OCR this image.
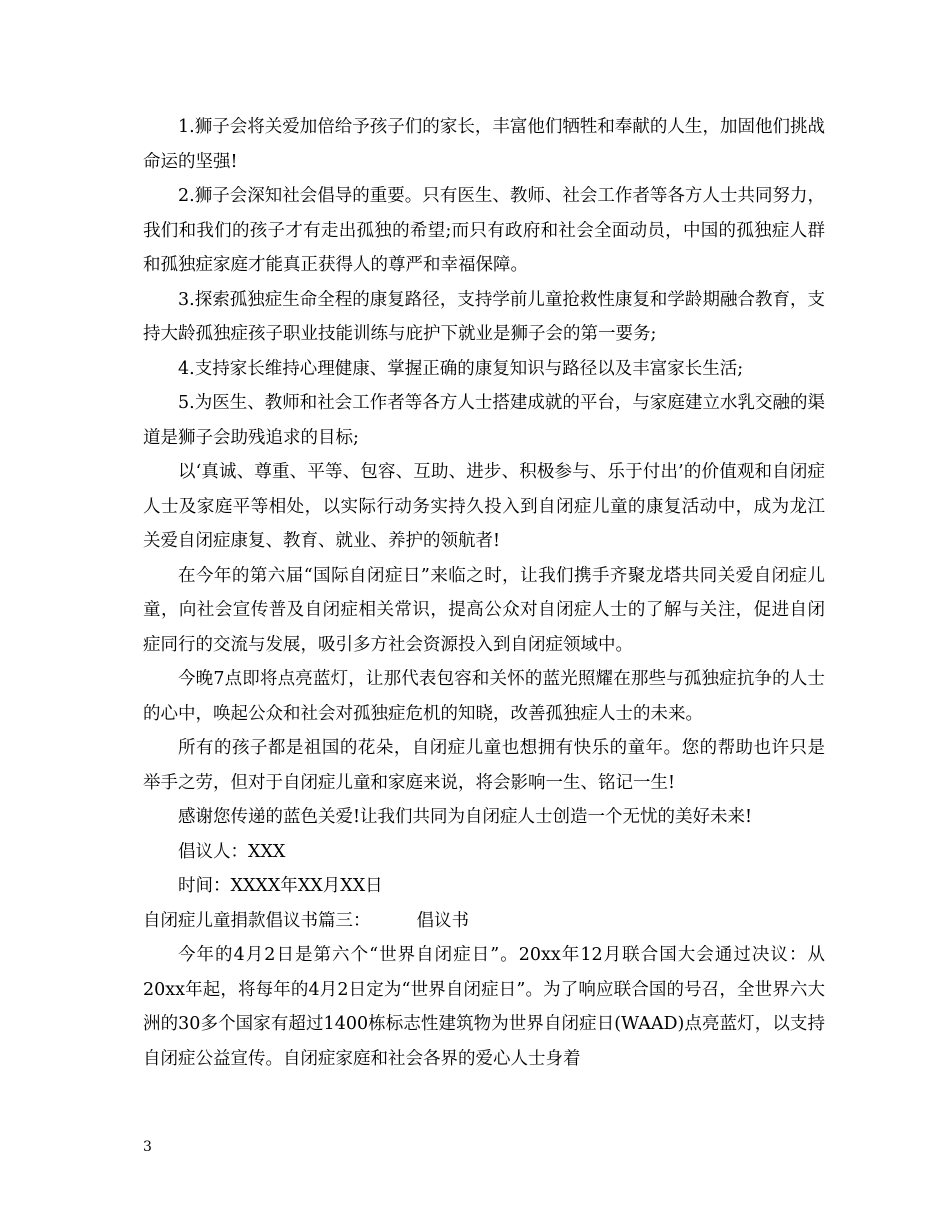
1.狮子会将关爱加倍给予孩子们的家长，丰富他们牺牲和奉献的人生，加固他们挑战命运的坚强!

2.狮子会深知社会倡导的重要。只有医生、教师、社会工作者等各方人士共同努力，我们和我们的孩子才有走出孤独的希望;而只有政府和社会全面动员，中国的孤独症人群和孤独症家庭才能真正获得人的尊严和幸福保障。

3.探索孤独症生命全程的康复路径，支持学前儿童抢救性康复和学龄期融合教育，支持大龄孤独症孩子职业技能训练与庇护下就业是狮子会的第一要务;

4.支持家长维持心理健康、掌握正确的康复知识与路径以及丰富家长生活;

5.为医生、教师和社会工作者等各方人士搭建成就的平台，与家庭建立水乳交融的渠道是狮子会助残追求的目标;

以‘真诚、尊重、平等、包容、互助、进步、积极参与、乐于付出’的价值观和自闭症人士及家庭平等相处，以实际行动务实持久投入到自闭症儿童的康复活动中，成为龙江关爱自闭症康复、教育、就业、养护的领航者!

在今年的第六届“国际自闭症日”来临之时，让我们携手齐聚龙塔共同关爱自闭症儿童，向社会宣传普及自闭症相关常识，提高公众对自闭症人士的了解与关注，促进自闭症同行的交流与发展，吸引多方社会资源投入到自闭症领域中。

今晚7点即将点亮蓝灯，让那代表包容和关怀的蓝光照耀在那些与孤独症抗争的人士的心中，唤起公众和社会对孤独症危机的知晓，改善孤独症人士的未来。

所有的孩子都是祖国的花朵，自闭症儿童也想拥有快乐的童年。您的帮助也许只是举手之劳，但对于自闭症儿童和家庭来说，将会影响一生、铭记一生!

感谢您传递的蓝色关爱!让我们共同为自闭症人士创造一个无忧的美好未来!

倡议人：XXX

时间：XXXX年XX月XX日

自闭症儿童捐款倡议书篇三：	倡议书

今年的4月2日是第六个“世界自闭症日”。20xx年12月联合国大会通过决议：从20xx年起，将每年的4月2日定为“世界自闭症日”。为了响应联合国的号召，全世界六大洲的30多个国家有超过1400栋标志性建筑物为世界自闭症日(WAAD)点亮蓝灯，以支持自闭症公益宣传。自闭症家庭和社会各界的爱心人士身着

3
